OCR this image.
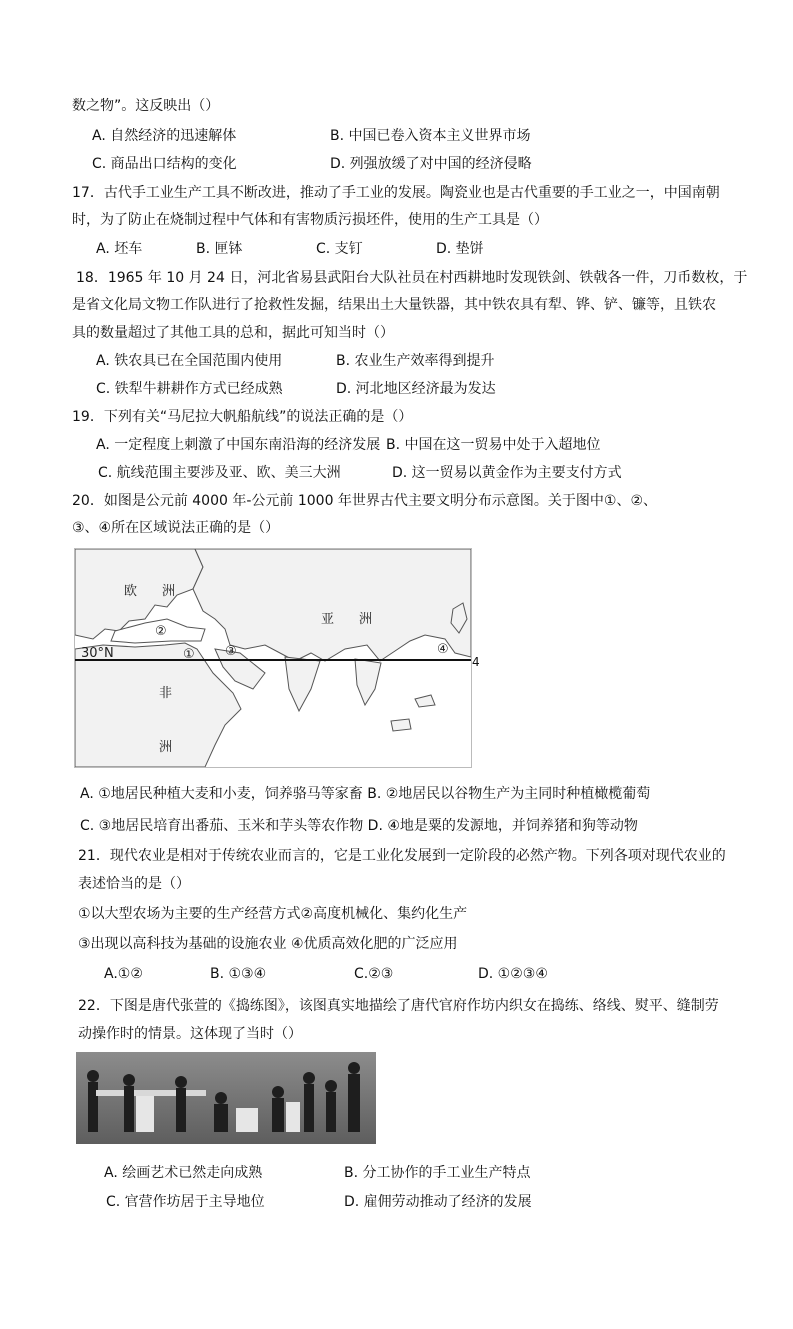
数之物”。这反映出（）
A. 自然经济的迅速解体	B. 中国已卷入资本主义世界市场
C. 商品出口结构的变化	D. 列强放缓了对中国的经济侵略
17．古代手工业生产工具不断改进，推动了手工业的发展。陶瓷业也是古代重要的手工业之一，中国南朝
时，为了防止在烧制过程中气体和有害物质污损坯件，使用的生产工具是（）
A. 坯车	B. 匣钵	C. 支钉	D. 垫饼
18．1965 年 10 月 24 日，河北省易县武阳台大队社员在村西耕地时发现铁剑、铁戟各一件，刀币数枚，于
是省文化局文物工作队进行了抢救性发掘，结果出土大量铁器，其中铁农具有犁、铧、铲、镰等，且铁农
具的数量超过了其他工具的总和，据此可知当时（）
A. 铁农具已在全国范围内使用	B. 农业生产效率得到提升
C. 铁犁牛耕耕作方式已经成熟	D. 河北地区经济最为发达
19．下列有关“马尼拉大帆船航线”的说法正确的是（）
A. 一定程度上刺激了中国东南沿海的经济发展 B. 中国在这一贸易中处于入超地位
C. 航线范围主要涉及亚、欧、美三大洲	D. 这一贸易以黄金作为主要支付方式
20．如图是公元前 4000 年-公元前 1000 年世界古代主要文明分布示意图。关于图中①、②、
③、④所在区域说法正确的是（）
30°N
欧 洲
亚 洲
非
洲
①
②
③	④
4
A. ①地居民种植大麦和小麦，饲养骆马等家畜 B. ②地居民以谷物生产为主同时种植橄榄葡萄
C. ③地居民培育出番茄、玉米和芋头等农作物 D. ④地是粟的发源地，并饲养猪和狗等动物
21．现代农业是相对于传统农业而言的，它是工业化发展到一定阶段的必然产物。下列各项对现代农业的
表述恰当的是（）
①以大型农场为主要的生产经营方式②高度机械化、集约化生产
③出现以高科技为基础的设施农业 ④优质高效化肥的广泛应用
A.①②	B. ①③④	C.②③	D. ①②③④
22．下图是唐代张萱的《捣练图》，该图真实地描绘了唐代官府作坊内织女在捣练、络线、熨平、缝制劳
动操作时的情景。这体现了当时（）
A. 绘画艺术已然走向成熟	B. 分工协作的手工业生产特点
C. 官营作坊居于主导地位	D. 雇佣劳动推动了经济的发展
